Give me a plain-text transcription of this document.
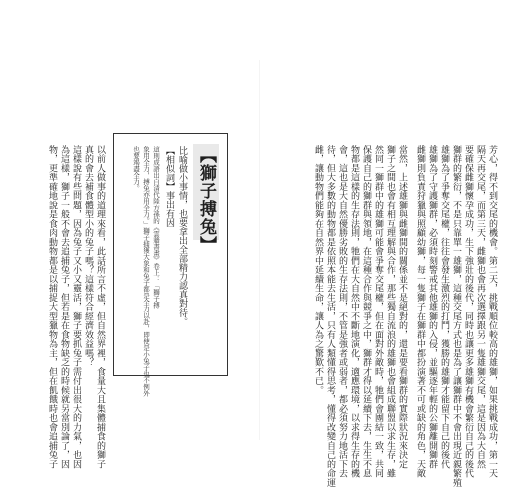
【獅子搏兔】
比喻做小事情，也要拿出全部精力認真對待。
【相似詞】事出有因
這則成語出自清代陸方孫的《雲牆書畫》卷上：「獅子搏
象用全力，搏兔亦用全力。」獅子捕獲大象和兔子都是全力以赴，即使是小兔子也不例外
也要竭盡全力。
以前人做事的道理來看，此話所言不虛，但自然界裡，食量大且集體捕食的獅子
真的會去補食體型小的兔子嗎？這樣符合經濟效益嗎？
這樣說有些問題，因為兔子又小又靈活，獅子要抓兔子需付出很大的力氣，也因
為這樣，獅子一般不會去追捕兔子，但若是在食物缺乏的時候就另當別論了，因
物，更準確地說是食肉動物都是以捕捉大型獵物為主，但在飢餓時也會追捕兔子	芳心，得不到交尾的機會。第二天，挑戰順位較高的雄獅，如果挑戰成功，第一天
隔天再交尾，而第三天，雌獅也會再次選擇跟另一隻雄獅交尾，這是因為大自然
要確保雌獅懷孕成功，生下強壯的後代，同時也讓更多雄獅有機會繁衍自己的後代
獅群的繁衍，不是只靠單一雄獅，這種交尾方式也是為了讓獅群中不會出現近親繁殖
雄獅為了爭奪交尾權，往往會發生激烈的打鬥，獲勝的雄獅才能留下自己的後代
雄獅為了守護獅群，必須時刻警戒其他雄獅的入侵，並驅逐年輕的公獅離開獅群
雌獅則負責狩獵與照顧幼獅，每一隻獅子在獅群中都扮演著不可或缺的角色，天敵
當然，上述雄獅與雌獅間的關係並不是絕對的，還是要看獅群的實際狀況來決定
獅子之間也會有相互理解與合作，那些獨自流浪的雄獅也會組成聯盟以求生存，雖
然同一獅群中的雄獅可能會爭奪交尾權，但在面對外敵時，牠們會團結一致，共同
保護自己的獅群與領地，在這種合作與競爭之中，獅群才得以延續下去，生生不息
物都是這樣的生存法則，牠們在大自然中不斷地演化，適應環境，以求得生存的機
會，這也是大自然優勝劣敗的生存法則，不管是強者或弱者，都必須努力地活下去
待，但大多數的動物都是依照本能去生活，只有人類懂得思考，懂得改變自己的命運
雌，讓動物們能夠在自然界中延續生命，讓人為之驚歎不已。
